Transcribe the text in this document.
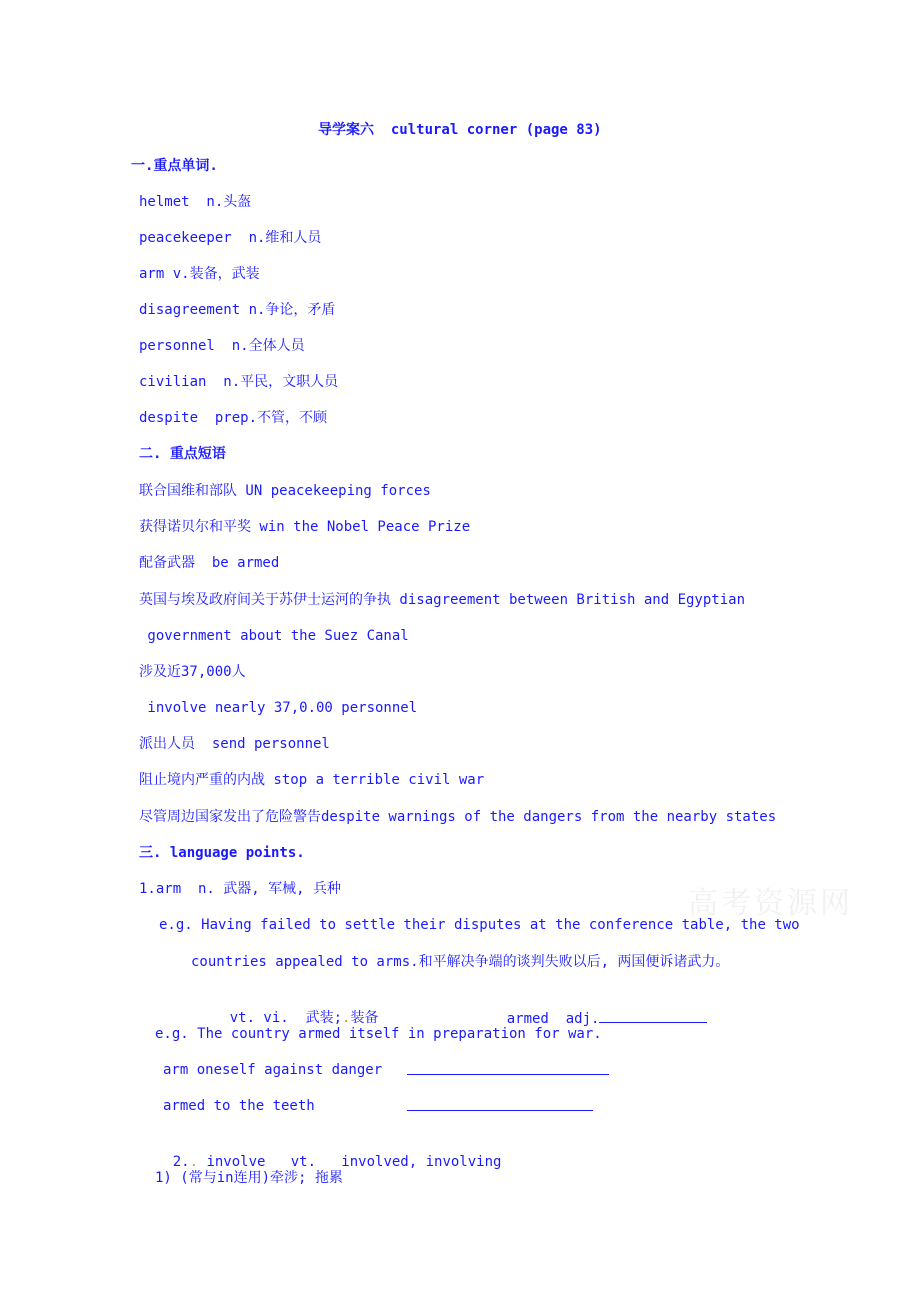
导学案六  cultural corner (page 83)
一.重点单词.
helmet  n.头盔
peacekeeper  n.维和人员
arm v.装备，武装
disagreement n.争论，矛盾
personnel  n.全体人员
civilian  n.平民，文职人员
despite  prep.不管，不顾
二. 重点短语
联合国维和部队 UN peacekeeping forces
获得诺贝尔和平奖 win the Nobel Peace Prize
配备武器  be armed
英国与埃及政府间关于苏伊士运河的争执 disagreement between British and Egyptian
government about the Suez Canal
涉及近37,000人
involve nearly 37,0.00 personnel
派出人员  send personnel
阻止境内严重的内战 stop a terrible civil war
尽管周边国家发出了危险警告despite warnings of the dangers from the nearby states
三. language points.
1.arm  n. 武器, 军械, 兵种
e.g. Having failed to settle their disputes at the conference table, the two
countries appealed to arms.和平解决争端的谈判失败以后, 两国便诉诸武力。

vt. vi.  武装;.装备
	armed  adj.

e.g. The country armed itself in preparation for war.
arm oneself against danger
armed to the teeth

2.. involve   vt.   involved, involving

1) (常与in连用)牵涉; 拖累
高考资源网
